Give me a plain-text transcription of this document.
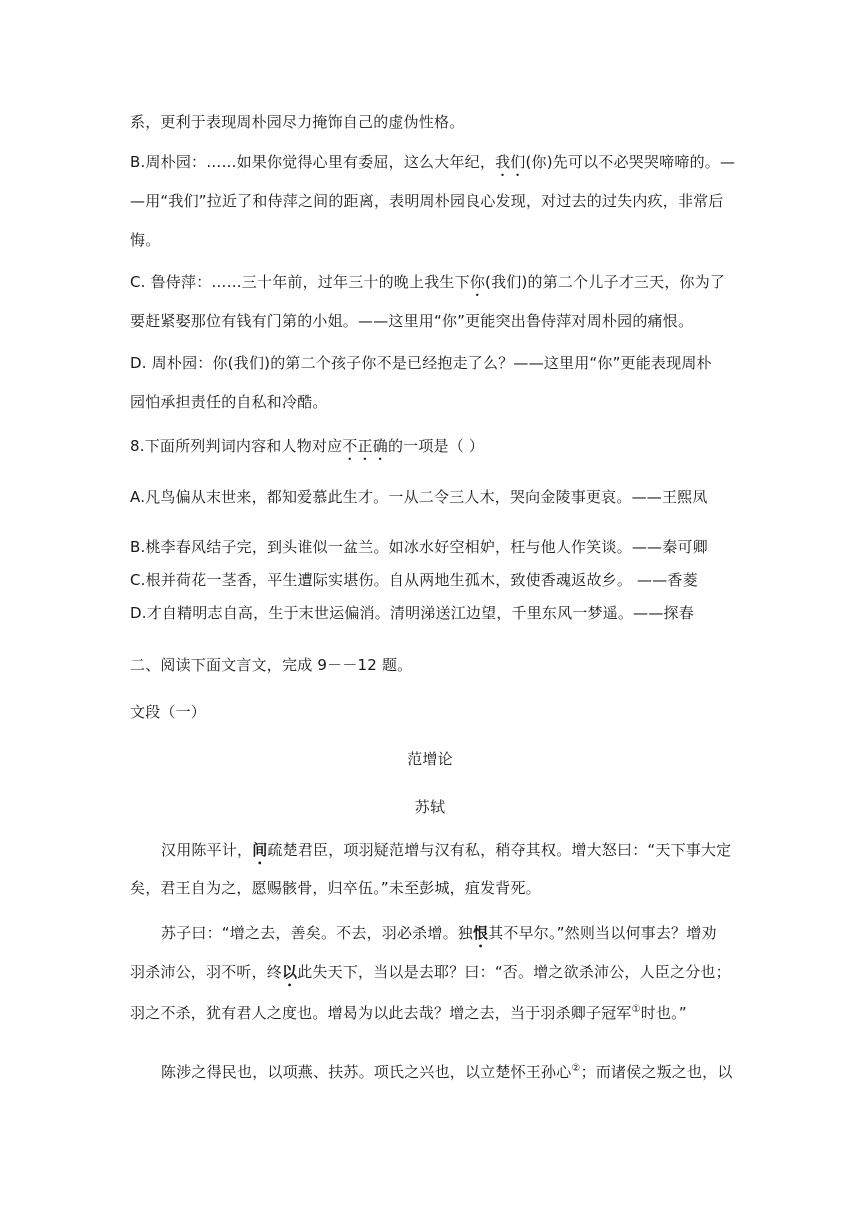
系，更利于表现周朴园尽力掩饰自己的虚伪性格。
B.周朴园：……如果你觉得心里有委屈，这么大年纪，我们(你)先可以不必哭哭啼啼的。—
—用“我们”拉近了和侍萍之间的距离，表明周朴园良心发现，对过去的过失内疚，非常后
悔。
C. 鲁侍萍：……三十年前，过年三十的晚上我生下你(我们)的第二个儿子才三天，你为了
要赶紧娶那位有钱有门第的小姐。——这里用“你”更能突出鲁侍萍对周朴园的痛恨。
D. 周朴园：你(我们)的第二个孩子你不是已经抱走了么？——这里用“你”更能表现周朴
园怕承担责任的自私和冷酷。
8.下面所列判词内容和人物对应不正确的一项是（ ）
A.凡鸟偏从末世来，都知爱慕此生才。一从二令三人木，哭向金陵事更哀。——王熙凤
B.桃李春风结子完，到头谁似一盆兰。如冰水好空相妒，枉与他人作笑谈。——秦可卿
C.根并荷花一茎香，平生遭际实堪伤。自从两地生孤木，致使香魂返故乡。 ——香菱
D.才自精明志自高，生于末世运偏消。清明涕送江边望，千里东风一梦遥。——探春
二、阅读下面文言文，完成 9－－12 题。
文段（一）
范增论
苏轼
汉用陈平计，间疏楚君臣，项羽疑范增与汉有私，稍夺其权。增大怒曰：“天下事大定
矣，君王自为之，愿赐骸骨，归卒伍。”未至彭城，疽发背死。
苏子曰：“增之去，善矣。不去，羽必杀增。独恨其不早尔。”然则当以何事去？增劝
羽杀沛公，羽不听，终以此失天下，当以是去耶？曰：“否。增之欲杀沛公，人臣之分也；
羽之不杀，犹有君人之度也。增曷为以此去哉？增之去，当于羽杀卿子冠军①时也。”
陈涉之得民也，以项燕、扶苏。项氏之兴也，以立楚怀王孙心②；而诸侯之叛之也，以
